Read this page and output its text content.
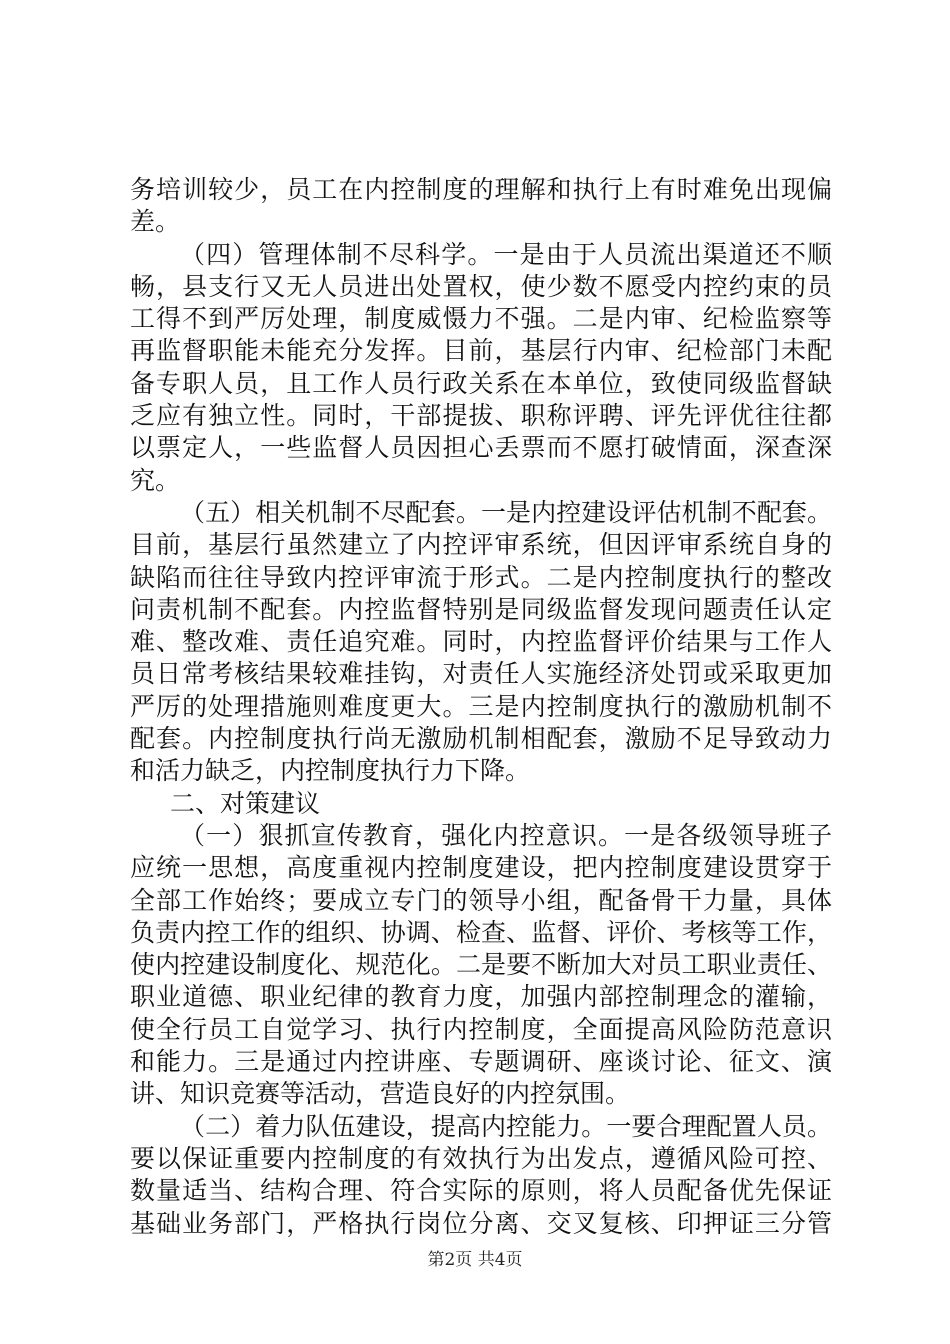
务培训较少，员工在内控制度的理解和执行上有时难免出现偏
差。
（四）管理体制不尽科学。一是由于人员流出渠道还不顺
畅，县支行又无人员进出处置权，使少数不愿受内控约束的员
工得不到严厉处理，制度威慑力不强。二是内审、纪检监察等
再监督职能未能充分发挥。目前，基层行内审、纪检部门未配
备专职人员，且工作人员行政关系在本单位，致使同级监督缺
乏应有独立性。同时，干部提拔、职称评聘、评先评优往往都
以票定人，一些监督人员因担心丢票而不愿打破情面，深查深
究。
（五）相关机制不尽配套。一是内控建设评估机制不配套。
目前，基层行虽然建立了内控评审系统，但因评审系统自身的
缺陷而往往导致内控评审流于形式。二是内控制度执行的整改
问责机制不配套。内控监督特别是同级监督发现问题责任认定
难、整改难、责任追究难。同时，内控监督评价结果与工作人
员日常考核结果较难挂钩，对责任人实施经济处罚或采取更加
严厉的处理措施则难度更大。三是内控制度执行的激励机制不
配套。内控制度执行尚无激励机制相配套，激励不足导致动力
和活力缺乏，内控制度执行力下降。
二、对策建议
（一）狠抓宣传教育，强化内控意识。一是各级领导班子
应统一思想，高度重视内控制度建设，把内控制度建设贯穿于
全部工作始终；要成立专门的领导小组，配备骨干力量，具体
负责内控工作的组织、协调、检查、监督、评价、考核等工作，
使内控建设制度化、规范化。二是要不断加大对员工职业责任、
职业道德、职业纪律的教育力度，加强内部控制理念的灌输，
使全行员工自觉学习、执行内控制度，全面提高风险防范意识
和能力。三是通过内控讲座、专题调研、座谈讨论、征文、演
讲、知识竞赛等活动，营造良好的内控氛围。
（二）着力队伍建设，提高内控能力。一要合理配置人员。
要以保证重要内控制度的有效执行为出发点，遵循风险可控、
数量适当、结构合理、符合实际的原则，将人员配备优先保证
基础业务部门，严格执行岗位分离、交叉复核、印押证三分管
第2页 共4页
